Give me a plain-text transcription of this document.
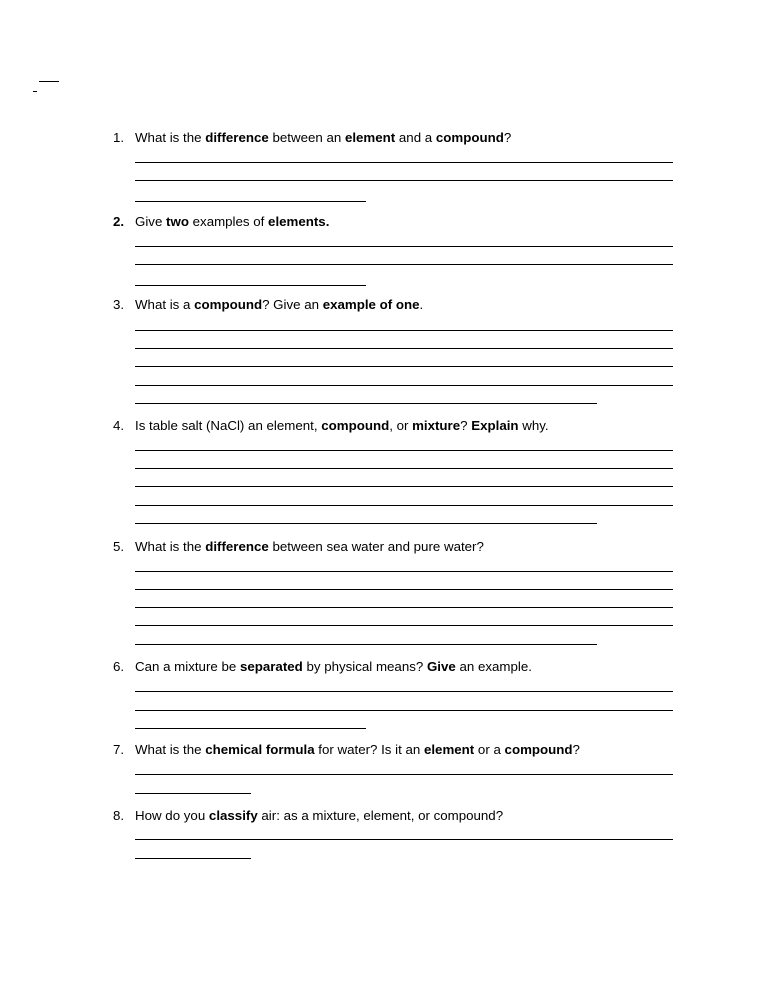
1. What is the difference between an element and a compound?
2. Give two examples of elements.
3. What is a compound? Give an example of one.
4. Is table salt (NaCl) an element, compound, or mixture? Explain why.
5. What is the difference between sea water and pure water?
6. Can a mixture be separated by physical means? Give an example.
7. What is the chemical formula for water? Is it an element or a compound?
8. How do you classify air: as a mixture, element, or compound?
